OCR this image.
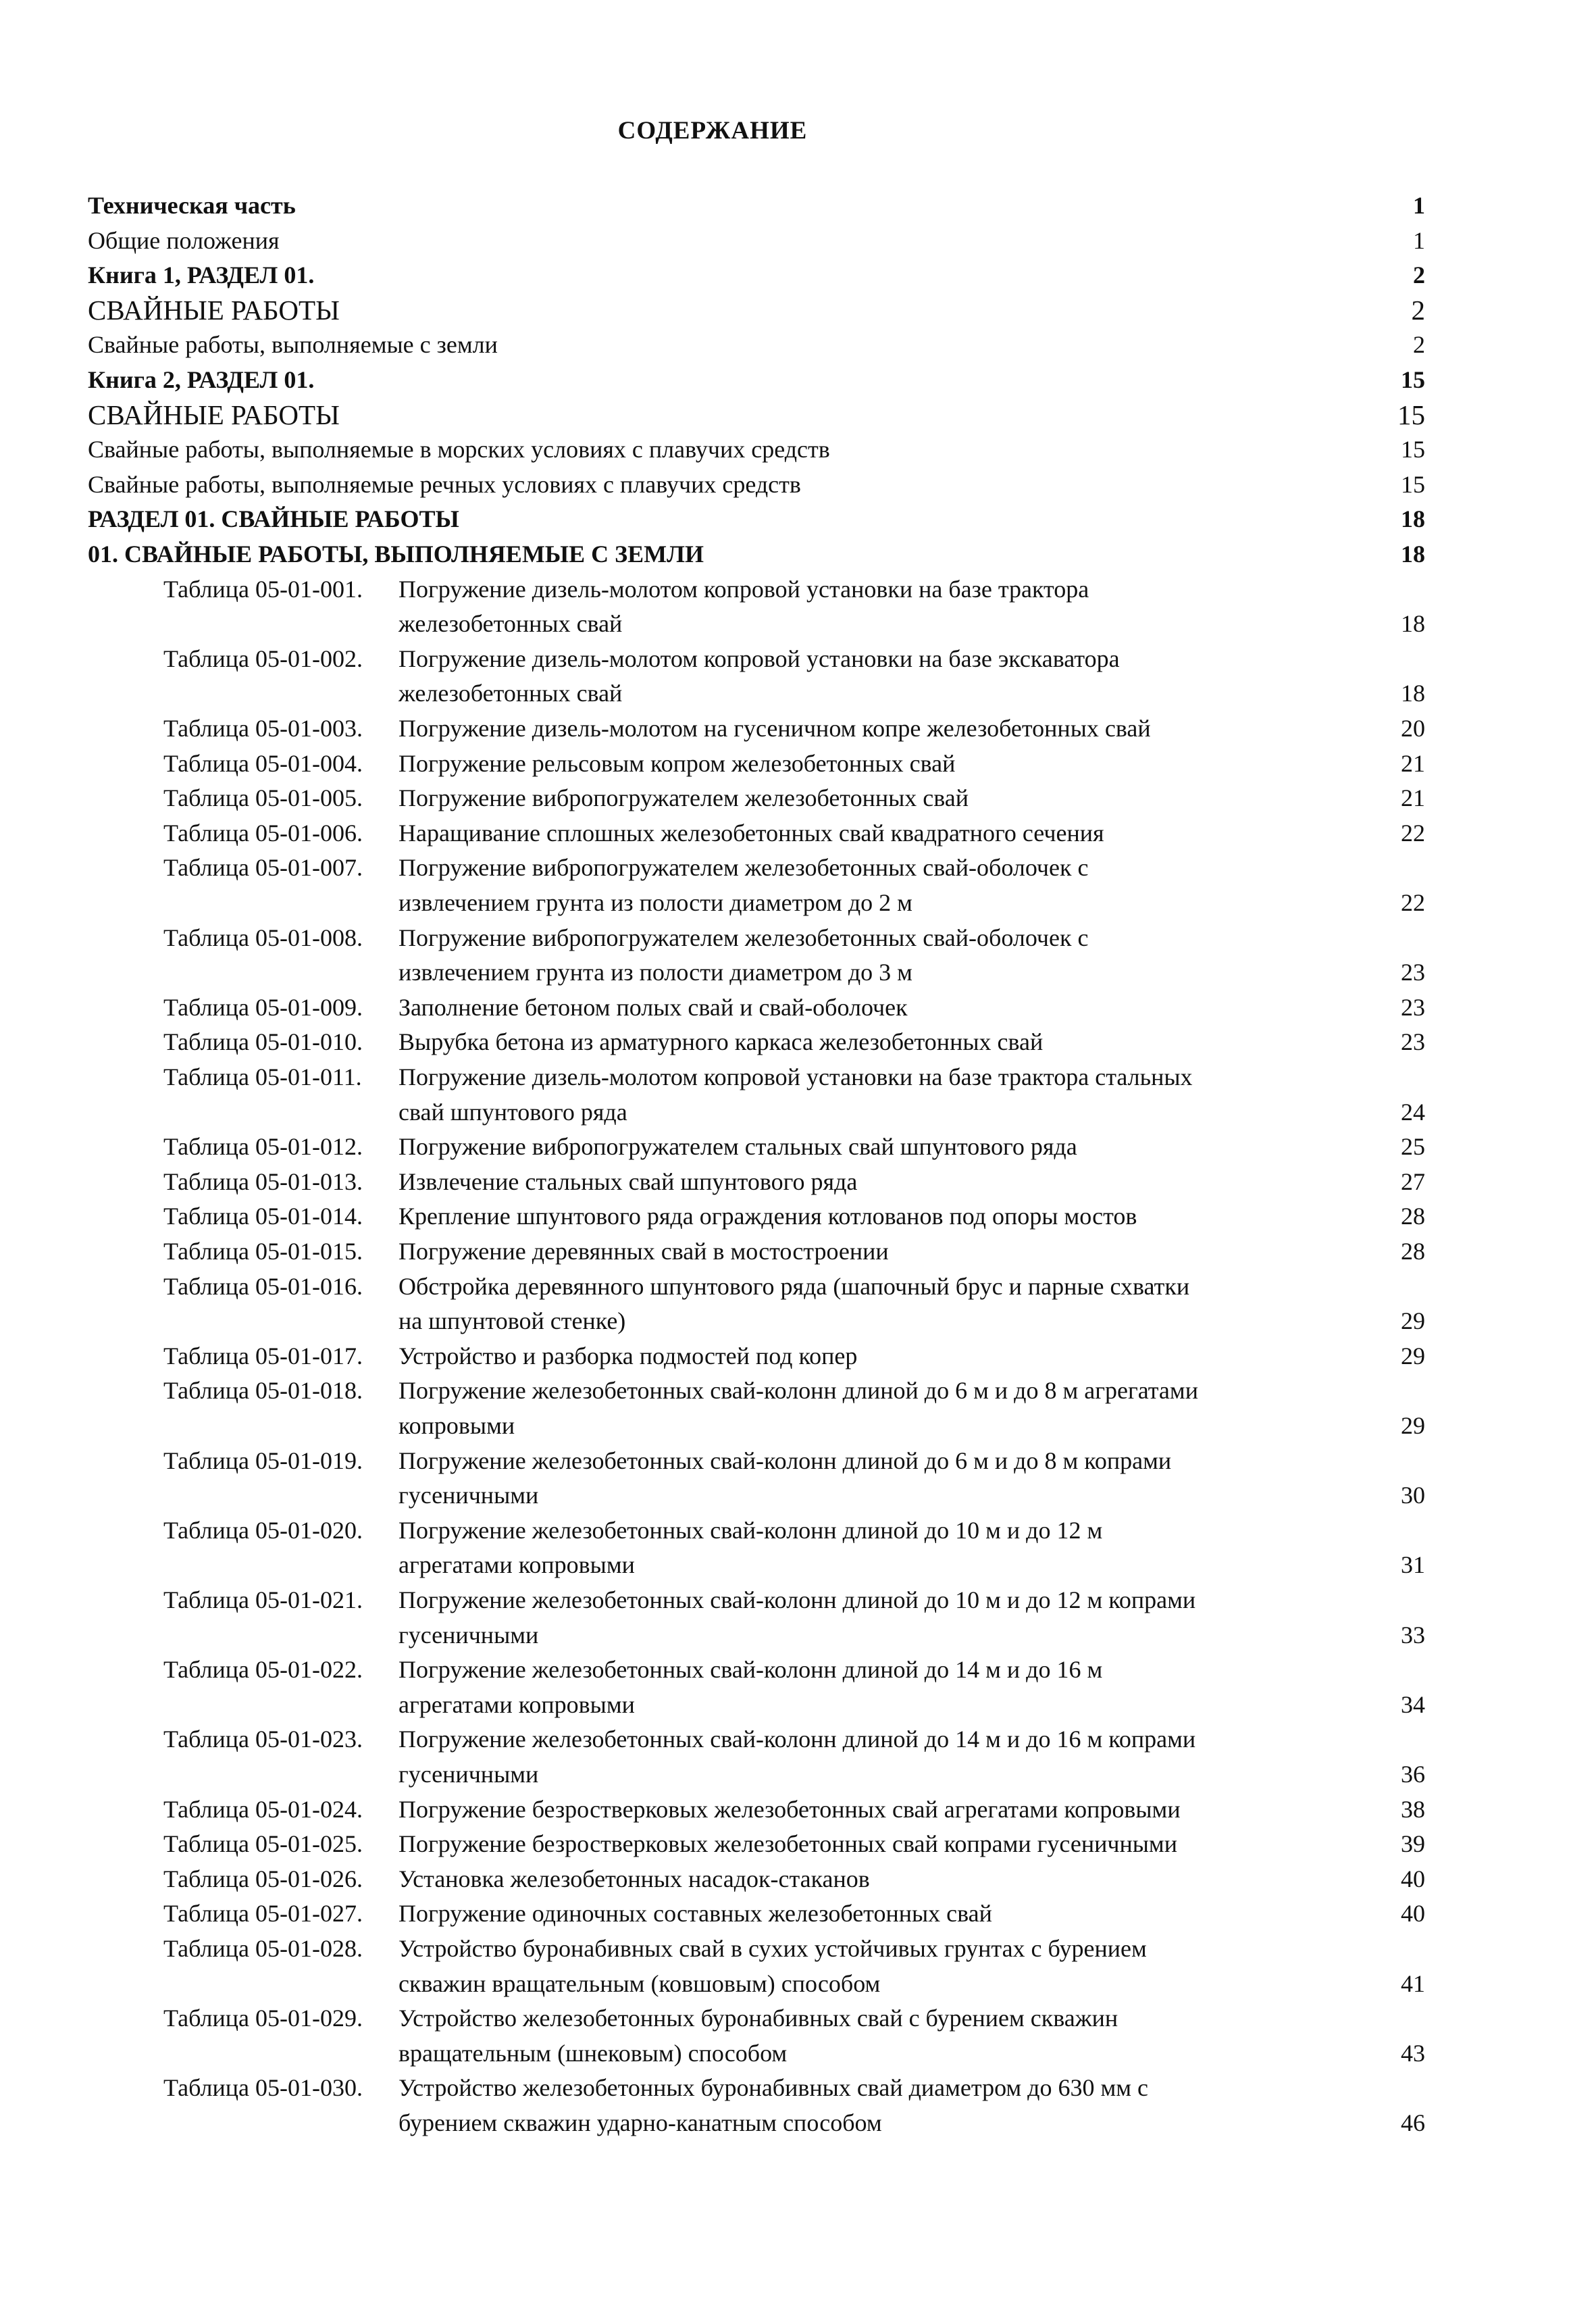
СОДЕРЖАНИЕ
Техническая часть	1
Общие положения	1
Книга 1, РАЗДЕЛ 01.	2
СВАЙНЫЕ РАБОТЫ	2
Свайные работы, выполняемые с земли	2
Книга 2, РАЗДЕЛ 01.	15
СВАЙНЫЕ РАБОТЫ	15
Свайные работы, выполняемые в морских условиях с плавучих средств	15
Свайные работы, выполняемые речных условиях с плавучих средств	15
РАЗДЕЛ 01. СВАЙНЫЕ РАБОТЫ	18
01. СВАЙНЫЕ РАБОТЫ, ВЫПОЛНЯЕМЫЕ С ЗЕМЛИ	18
Таблица 05-01-001. Погружение дизель-молотом копровой установки на базе трактора
железобетонных свай	18
Таблица 05-01-002. Погружение дизель-молотом копровой установки на базе экскаватора
железобетонных свай	18
Таблица 05-01-003. Погружение дизель-молотом на гусеничном копре железобетонных свай	20
Таблица 05-01-004. Погружение рельсовым копром железобетонных свай	21
Таблица 05-01-005. Погружение вибропогружателем железобетонных свай	21
Таблица 05-01-006. Наращивание сплошных железобетонных свай квадратного сечения	22
Таблица 05-01-007. Погружение вибропогружателем железобетонных свай-оболочек с
извлечением грунта из полости диаметром до 2 м	22
Таблица 05-01-008. Погружение вибропогружателем железобетонных свай-оболочек с
извлечением грунта из полости диаметром до 3 м	23
Таблица 05-01-009. Заполнение бетоном полых свай и свай-оболочек	23
Таблица 05-01-010. Вырубка бетона из арматурного каркаса железобетонных свай	23
Таблица 05-01-011. Погружение дизель-молотом копровой установки на базе трактора стальных
свай шпунтового ряда	24
Таблица 05-01-012. Погружение вибропогружателем стальных свай шпунтового ряда	25
Таблица 05-01-013. Извлечение стальных свай шпунтового ряда	27
Таблица 05-01-014. Крепление шпунтового ряда ограждения котлованов под опоры мостов	28
Таблица 05-01-015. Погружение деревянных свай в мостостроении	28
Таблица 05-01-016. Обстройка деревянного шпунтового ряда (шапочный брус и парные схватки
на шпунтовой стенке)	29
Таблица 05-01-017. Устройство и разборка подмостей под копер	29
Таблица 05-01-018. Погружение железобетонных свай-колонн длиной до 6 м и до 8 м агрегатами
копровыми	29
Таблица 05-01-019. Погружение железобетонных свай-колонн длиной до 6 м и до 8 м копрами
гусеничными	30
Таблица 05-01-020. Погружение железобетонных свай-колонн длиной до 10 м и до 12 м
агрегатами копровыми	31
Таблица 05-01-021. Погружение железобетонных свай-колонн длиной до 10 м и до 12 м копрами
гусеничными	33
Таблица 05-01-022. Погружение железобетонных свай-колонн длиной до 14 м и до 16 м
агрегатами копровыми	34
Таблица 05-01-023. Погружение железобетонных свай-колонн длиной до 14 м и до 16 м копрами
гусеничными	36
Таблица 05-01-024. Погружение безростверковых железобетонных свай агрегатами копровыми	38
Таблица 05-01-025. Погружение безростверковых железобетонных свай копрами гусеничными	39
Таблица 05-01-026. Установка железобетонных насадок-стаканов	40
Таблица 05-01-027. Погружение одиночных составных железобетонных свай	40
Таблица 05-01-028. Устройство буронабивных свай в сухих устойчивых грунтах с бурением
скважин вращательным (ковшовым) способом	41
Таблица 05-01-029. Устройство железобетонных буронабивных свай с бурением скважин
вращательным (шнековым) способом	43
Таблица 05-01-030. Устройство железобетонных буронабивных свай диаметром до 630 мм с
бурением скважин ударно-канатным способом	46
